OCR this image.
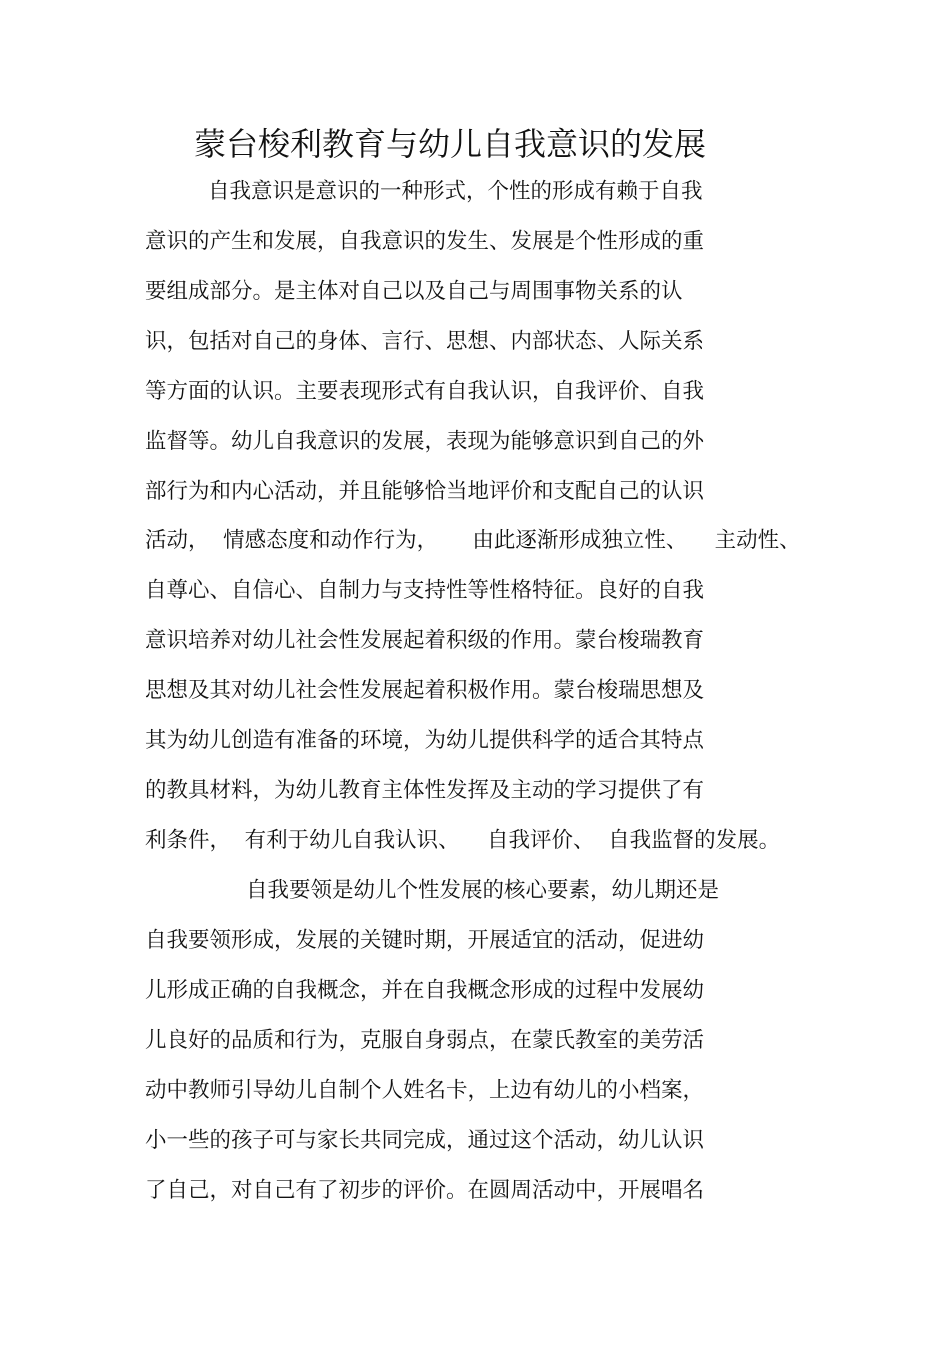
蒙台梭利教育与幼儿自我意识的发展
自我意识是意识的一种形式，个性的形成有赖于自我
意识的产生和发展，自我意识的发生、发展是个性形成的重
要组成部分。是主体对自己以及自己与周围事物关系的认
识，包括对自己的身体、言行、思想、内部状态、人际关系
等方面的认识。主要表现形式有自我认识，自我评价、自我
监督等。幼儿自我意识的发展，表现为能够意识到自己的外
部行为和内心活动，并且能够恰当地评价和支配自己的认识
活动，  情感态度和动作行为，     由此逐渐形成独立性、    主动性、
自尊心、自信心、自制力与支持性等性格特征。良好的自我
意识培养对幼儿社会性发展起着积级的作用。蒙台梭瑞教育
思想及其对幼儿社会性发展起着积极作用。蒙台梭瑞思想及
其为幼儿创造有准备的环境，为幼儿提供科学的适合其特点
的教具材料，为幼儿教育主体性发挥及主动的学习提供了有
利条件，  有利于幼儿自我认识、    自我评价、  自我监督的发展。
自我要领是幼儿个性发展的核心要素，幼儿期还是
自我要领形成，发展的关键时期，开展适宜的活动，促进幼
儿形成正确的自我概念，并在自我概念形成的过程中发展幼
儿良好的品质和行为，克服自身弱点，在蒙氏教室的美劳活
动中教师引导幼儿自制个人姓名卡，上边有幼儿的小档案，
小一些的孩子可与家长共同完成，通过这个活动，幼儿认识
了自己，对自己有了初步的评价。在圆周活动中，开展唱名
